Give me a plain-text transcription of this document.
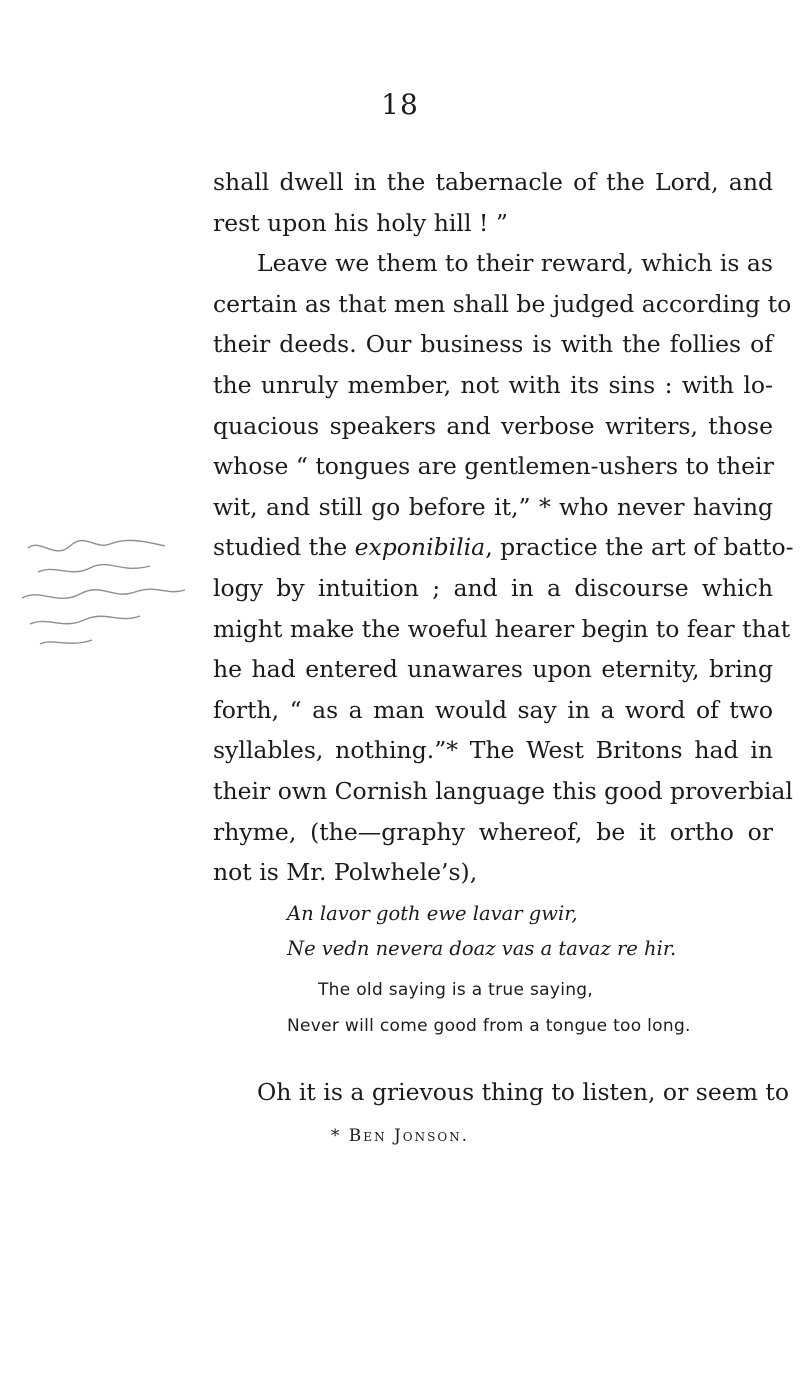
18
shall dwell in the tabernacle of the Lord, and
rest upon his holy hill ! ”
Leave we them to their reward, which is as
certain as that men shall be judged according to
their deeds. Our business is with the follies of
the unruly member, not with its sins : with lo-
quacious speakers and verbose writers, those
whose “ tongues are gentlemen-ushers to their
wit, and still go before it,” * who never having
studied the exponibilia, practice the art of batto-
logy by intuition ; and in a discourse which
might make the woeful hearer begin to fear that
he had entered unawares upon eternity, bring
forth, “ as a man would say in a word of two
syllables, nothing.”* The West Britons had in
their own Cornish language this good proverbial
rhyme, (the—graphy whereof, be it ortho or
not is Mr. Polwhele’s),
An lavor goth ewe lavar gwir,
Ne vedn nevera doaz vas a tavaz re hir.
The old saying is a true saying,
Never will come good from a tongue too long.
Oh it is a grievous thing to listen, or seem to
* Ben Jonson.
